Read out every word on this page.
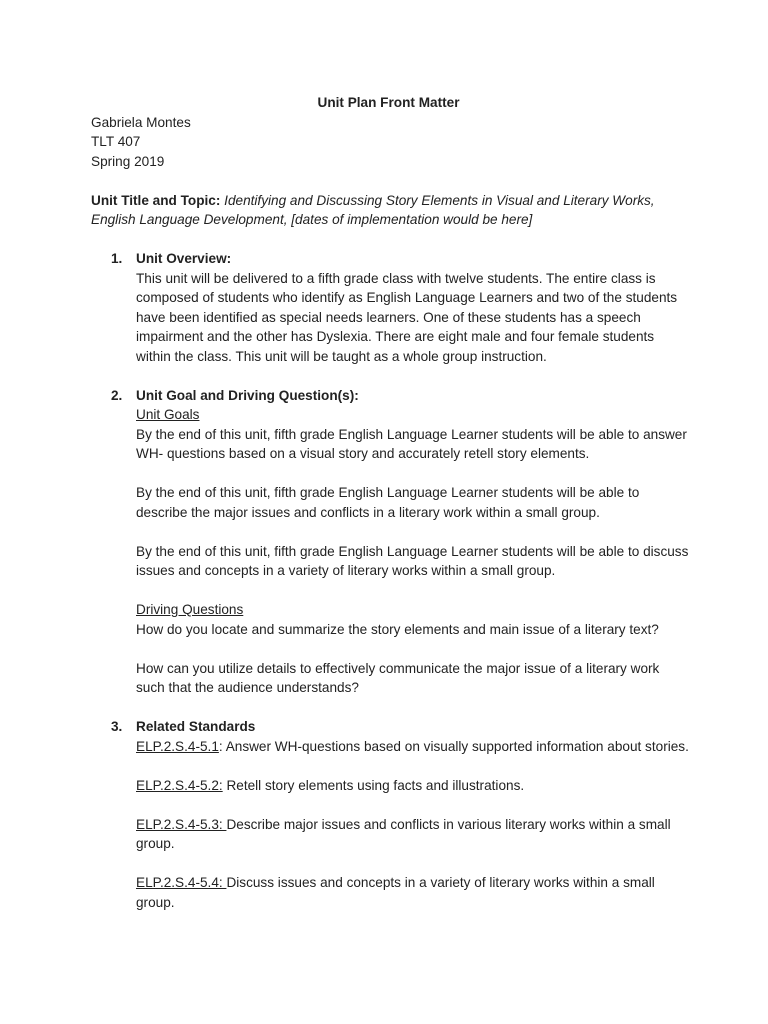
Unit Plan Front Matter

Gabriela Montes

TLT 407

Spring 2019

Unit Title and Topic: Identifying and Discussing Story Elements in Visual and Literary Works, English Language Development, [dates of implementation would be here]

1. Unit Overview:

This unit will be delivered to a fifth grade class with twelve students. The entire class is composed of students who identify as English Language Learners and two of the students have been identified as special needs learners. One of these students has a speech impairment and the other has Dyslexia. There are eight male and four female students within the class. This unit will be taught as a whole group instruction.

2. Unit Goal and Driving Question(s):

Unit Goals

By the end of this unit, fifth grade English Language Learner students will be able to answer WH- questions based on a visual story and accurately retell story elements.

By the end of this unit, fifth grade English Language Learner students will be able to describe the major issues and conflicts in a literary work within a small group.

By the end of this unit, fifth grade English Language Learner students will be able to discuss issues and concepts in a variety of literary works within a small group.

Driving Questions

How do you locate and summarize the story elements and main issue of a literary text?

How can you utilize details to effectively communicate the major issue of a literary work such that the audience understands?

3. Related Standards

ELP.2.S.4-5.1: Answer WH-questions based on visually supported information about stories.

ELP.2.S.4-5.2: Retell story elements using facts and illustrations.

ELP.2.S.4-5.3: Describe major issues and conflicts in various literary works within a small group.

ELP.2.S.4-5.4: Discuss issues and concepts in a variety of literary works within a small group.
